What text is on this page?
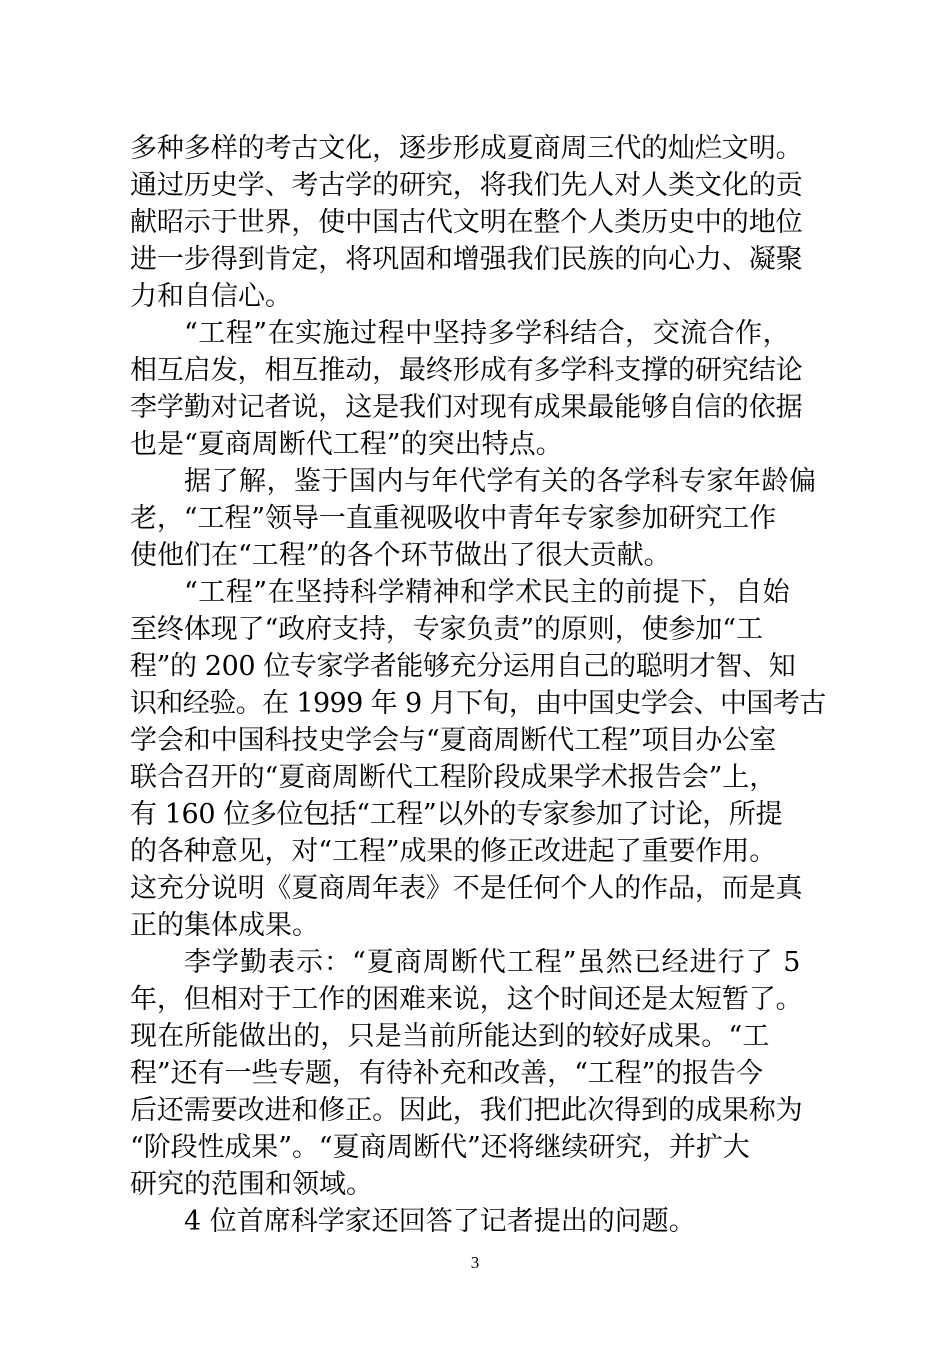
多种多样的考古文化，逐步形成夏商周三代的灿烂文明。
通过历史学、考古学的研究，将我们先人对人类文化的贡
献昭示于世界，使中国古代文明在整个人类历史中的地位
进一步得到肯定，将巩固和增强我们民族的向心力、凝聚
力和自信心。
“工程”在实施过程中坚持多学科结合，交流合作，
相互启发，相互推动，最终形成有多学科支撑的研究结论
李学勤对记者说，这是我们对现有成果最能够自信的依据
也是“夏商周断代工程”的突出特点。
据了解，鉴于国内与年代学有关的各学科专家年龄偏
老，“工程”领导一直重视吸收中青年专家参加研究工作
使他们在“工程”的各个环节做出了很大贡献。
“工程”在坚持科学精神和学术民主的前提下，自始
至终体现了“政府支持，专家负责”的原则，使参加“工
程”的 200 位专家学者能够充分运用自己的聪明才智、知
识和经验。在 1999 年 9 月下旬，由中国史学会、中国考古
学会和中国科技史学会与“夏商周断代工程”项目办公室
联合召开的“夏商周断代工程阶段成果学术报告会”上，
有 160 位多位包括“工程”以外的专家参加了讨论，所提
的各种意见，对“工程”成果的修正改进起了重要作用。
这充分说明《夏商周年表》不是任何个人的作品，而是真
正的集体成果。
李学勤表示：“夏商周断代工程”虽然已经进行了 5
年，但相对于工作的困难来说，这个时间还是太短暂了。
现在所能做出的，只是当前所能达到的较好成果。“工
程”还有一些专题，有待补充和改善，“工程”的报告今
后还需要改进和修正。因此，我们把此次得到的成果称为
“阶段性成果”。“夏商周断代”还将继续研究，并扩大
研究的范围和领域。
4 位首席科学家还回答了记者提出的问题。
3
